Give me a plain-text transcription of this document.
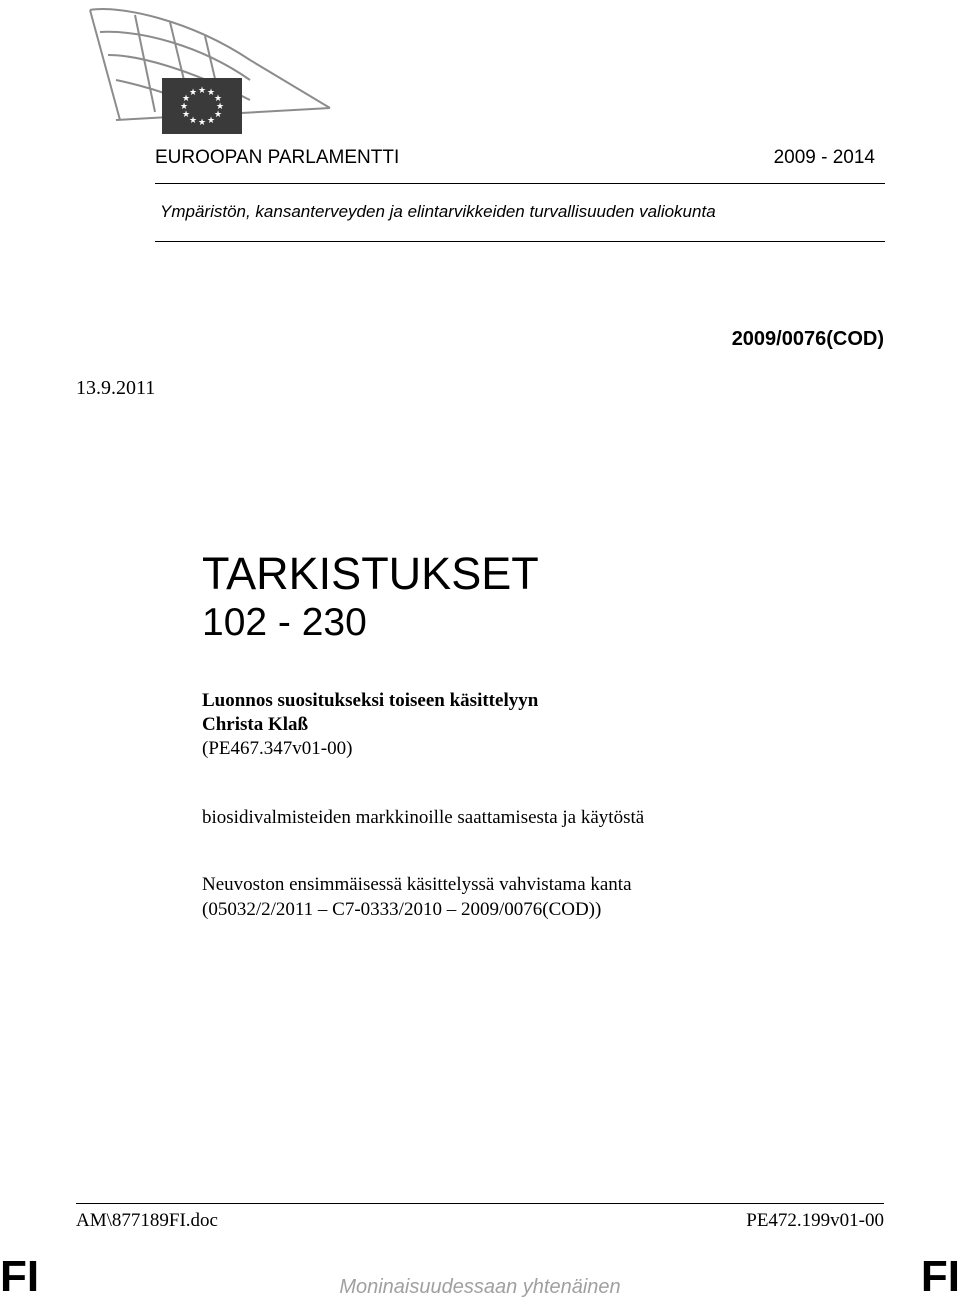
★ ★
★
★
★
★
★
★
★
★
★
★
EUROOPAN PARLAMENTTI	2009 - 2014
Ympäristön, kansanterveyden ja elintarvikkeiden turvallisuuden valiokunta
2009/0076(COD)
13.9.2011
TARKISTUKSET
102 - 230
Luonnos suositukseksi toiseen käsittelyyn
Christa Klaß
(PE467.347v01-00)
biosidivalmisteiden markkinoille saattamisesta ja käytöstä
Neuvoston ensimmäisessä käsittelyssä vahvistama kanta
(05032/2/2011 – C7-0333/2010 – 2009/0076(COD))
AM\877189FI.doc	PE472.199v01-00
FI	Moninaisuudessaan yhtenäinen	FI
